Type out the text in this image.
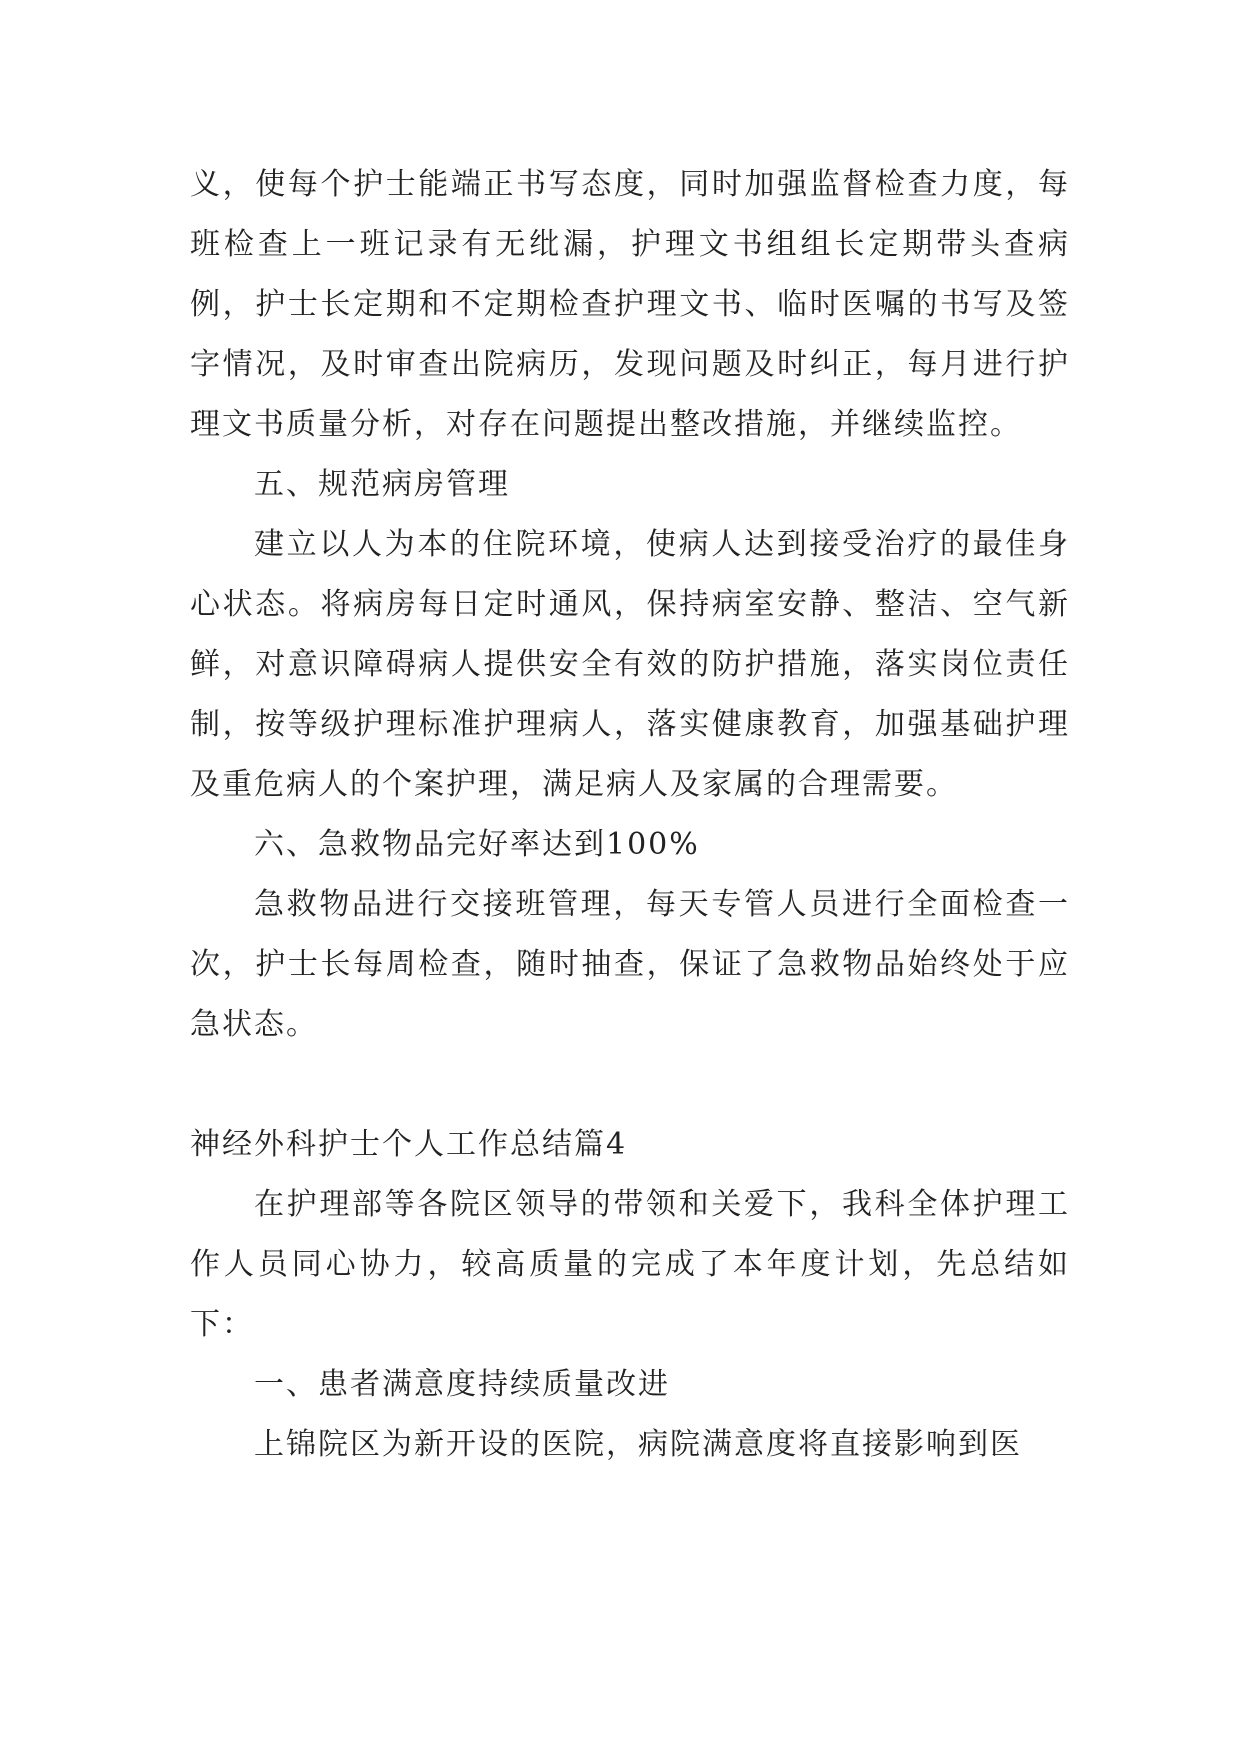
义，使每个护士能端正书写态度，同时加强监督检查力度，每班检查上一班记录有无纰漏，护理文书组组长定期带头查病例，护士长定期和不定期检查护理文书、临时医嘱的书写及签字情况，及时审查出院病历，发现问题及时纠正，每月进行护理文书质量分析，对存在问题提出整改措施，并继续监控。

五、规范病房管理

建立以人为本的住院环境，使病人达到接受治疗的最佳身心状态。将病房每日定时通风，保持病室安静、整洁、空气新鲜，对意识障碍病人提供安全有效的防护措施，落实岗位责任制，按等级护理标准护理病人，落实健康教育，加强基础护理及重危病人的个案护理，满足病人及家属的合理需要。

六、急救物品完好率达到100%

急救物品进行交接班管理，每天专管人员进行全面检查一次，护士长每周检查，随时抽查，保证了急救物品始终处于应急状态。

神经外科护士个人工作总结篇4

在护理部等各院区领导的带领和关爱下，我科全体护理工作人员同心协力，较高质量的完成了本年度计划，先总结如下：

一、患者满意度持续质量改进

上锦院区为新开设的医院，病院满意度将直接影响到医
